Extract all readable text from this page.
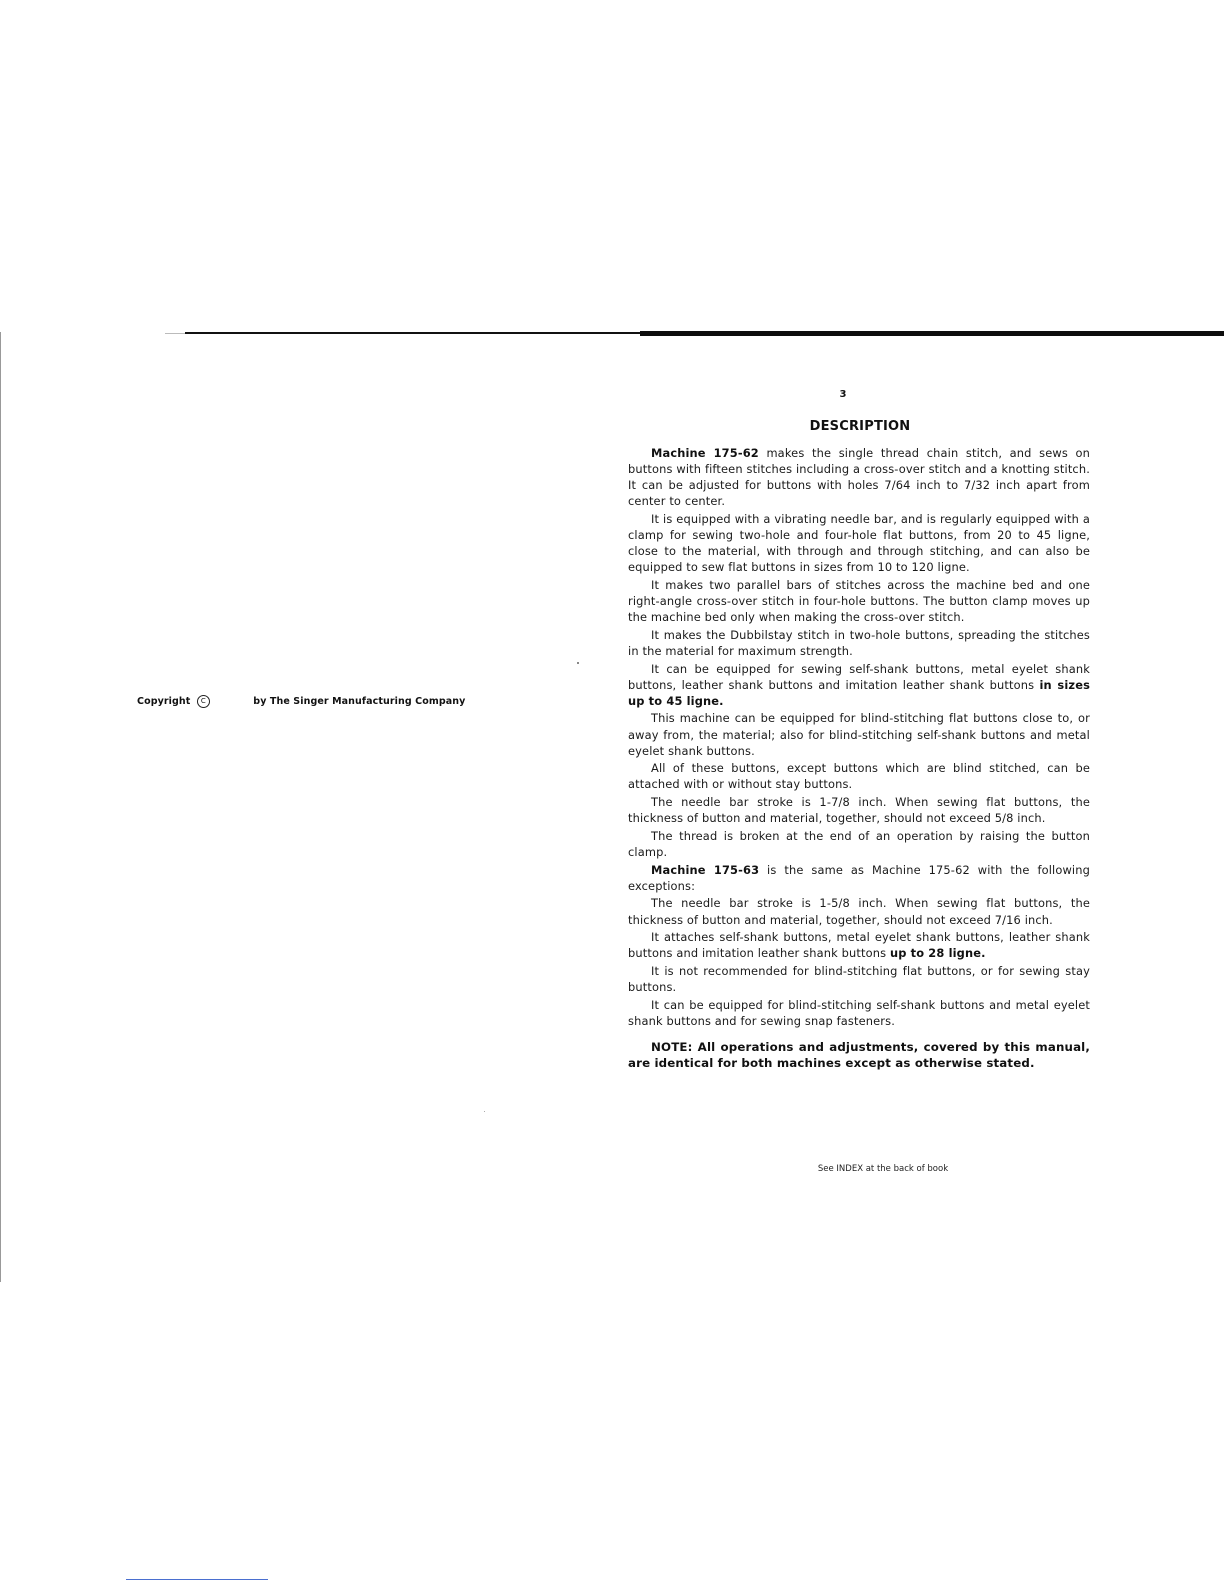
Copyright C	by The Singer Manufacturing Company
3
DESCRIPTION

Machine 175-62 makes the single thread chain stitch, and sews on buttons with fifteen stitches including a cross-over stitch and a knotting stitch. It can be adjusted for buttons with holes 7/64 inch to 7/32 inch apart from center to center.

It is equipped with a vibrating needle bar, and is regularly equipped with a clamp for sewing two-hole and four-hole flat buttons, from 20 to 45 ligne, close to the material, with through and through stitching, and can also be equipped to sew flat buttons in sizes from 10 to 120 ligne.

It makes two parallel bars of stitches across the machine bed and one right-angle cross-over stitch in four-hole buttons. The button clamp moves up the machine bed only when making the cross-over stitch.

It makes the Dubbilstay stitch in two-hole buttons, spreading the stitches in the material for maximum strength.

It can be equipped for sewing self-shank buttons, metal eyelet shank buttons, leather shank buttons and imitation leather shank buttons in sizes up to 45 ligne.

This machine can be equipped for blind-stitching flat buttons close to, or away from, the material; also for blind-stitching self-shank buttons and metal eyelet shank buttons.

All of these buttons, except buttons which are blind stitched, can be attached with or without stay buttons.

The needle bar stroke is 1-7/8 inch. When sewing flat buttons, the thickness of button and material, together, should not exceed 5/8 inch.

The thread is broken at the end of an operation by raising the button clamp.

Machine 175-63 is the same as Machine 175-62 with the following exceptions:

The needle bar stroke is 1-5/8 inch. When sewing flat buttons, the thickness of button and material, together, should not exceed 7/16 inch.

It attaches self-shank buttons, metal eyelet shank buttons, leather shank buttons and imitation leather shank buttons up to 28 ligne.

It is not recommended for blind-stitching flat buttons, or for sewing stay buttons.

It can be equipped for blind-stitching self-shank buttons and metal eyelet shank buttons and for sewing snap fasteners.

NOTE: All operations and adjustments, covered by this manual, are identical for both machines except as otherwise stated.

See INDEX at the back of book
